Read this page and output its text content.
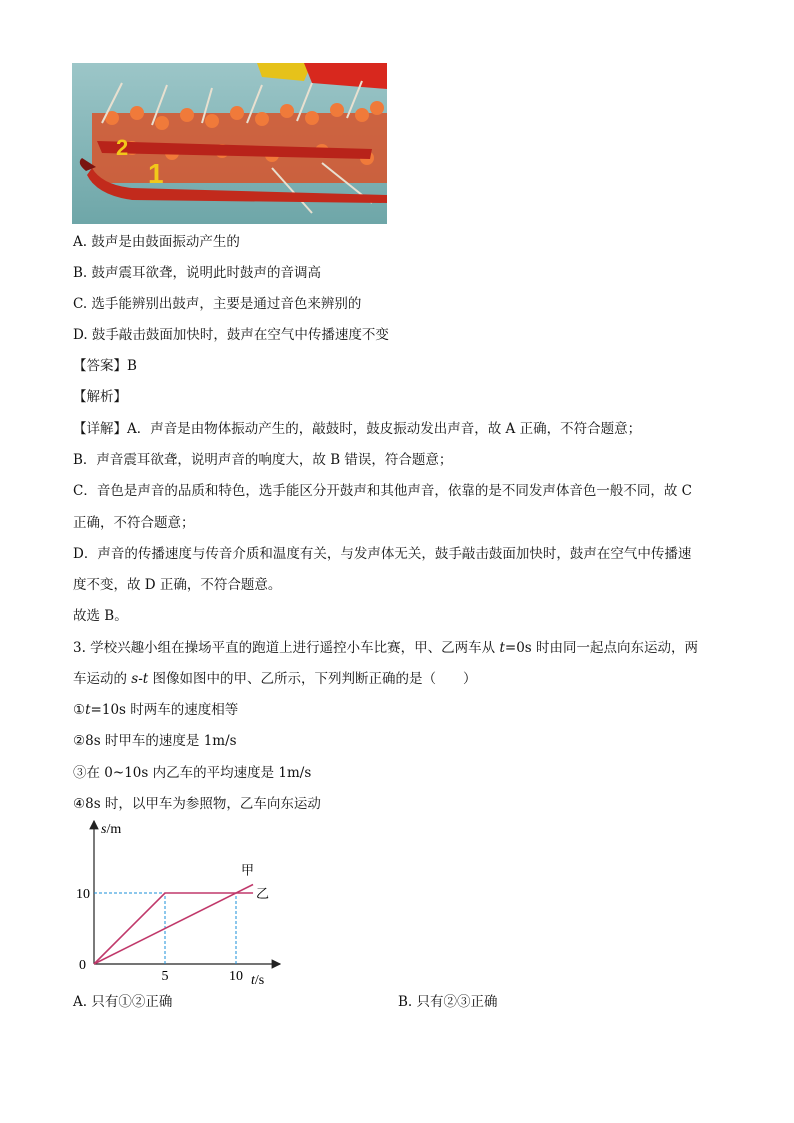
2
1
A. 鼓声是由鼓面振动产生的
B. 鼓声震耳欲聋，说明此时鼓声的音调高
C. 选手能辨别出鼓声，主要是通过音色来辨别的
D. 鼓手敲击鼓面加快时，鼓声在空气中传播速度不变
【答案】B
【解析】
【详解】A．声音是由物体振动产生的，敲鼓时，鼓皮振动发出声音，故 A 正确，不符合题意；
B．声音震耳欲聋，说明声音的响度大，故 B 错误，符合题意；
C．音色是声音的品质和特色，选手能区分开鼓声和其他声音，依靠的是不同发声体音色一般不同，故 C
正确，不符合题意；
D．声音的传播速度与传音介质和温度有关，与发声体无关，鼓手敲击鼓面加快时，鼓声在空气中传播速
度不变，故 D 正确，不符合题意。
故选 B。
3. 学校兴趣小组在操场平直的跑道上进行遥控小车比赛，甲、乙两车从 t=0s 时由同一起点向东运动，两
车运动的 s-t 图像如图中的甲、乙所示，下列判断正确的是（　　）
①t=10s 时两车的速度相等
②8s 时甲车的速度是 1m/s
③在 0~10s 内乙车的平均速度是 1m/s
④8s 时，以甲车为参照物，乙车向东运动
s/m
t/s
0
甲
乙
5	10
10
A. 只有①②正确	B. 只有②③正确
